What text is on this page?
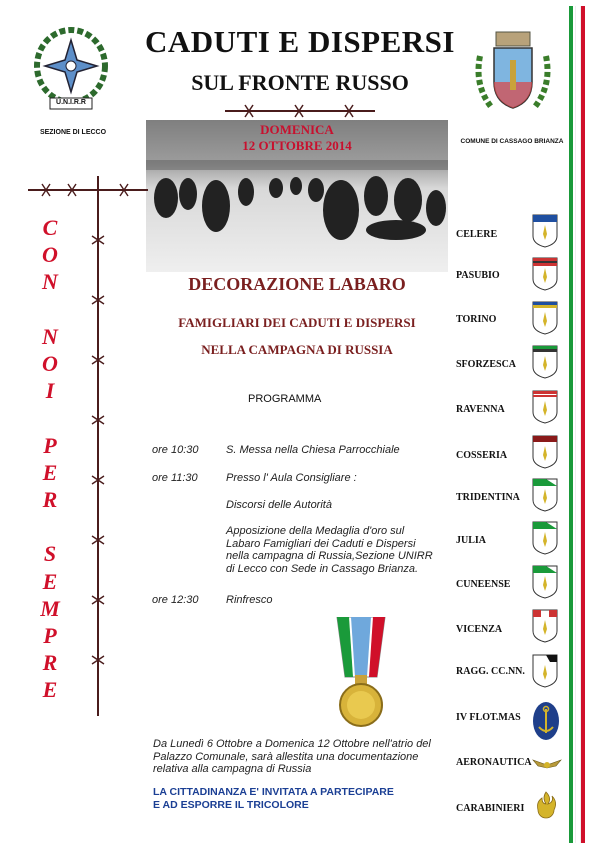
U.N.I.R.R
SEZIONE DI LECCO
CADUTI E DISPERSI
SUL FRONTE RUSSO
COMUNE DI CASSAGO BRIANZA
DOMENICA
12 OTTOBRE 2014
C
O
N

N
O
I

P
E
R

S
E
M
P
R
E
DECORAZIONE LABARO
FAMIGLIARI DEI CADUTI E DISPERSI
NELLA CAMPAGNA DI RUSSIA
PROGRAMMA
ore 10:30	S. Messa nella Chiesa Parrocchiale
ore 11:30	Presso l' Aula Consigliare :
Discorsi delle Autorità
Apposizione della Medaglia d'oro sul Labaro Famigliari dei Caduti e Dispersi nella campagna di Russia,Sezione UNIRR di Lecco con Sede in Cassago Brianza.
ore 12:30	Rinfresco
Da Lunedì 6 Ottobre a Domenica 12 Ottobre nell'atrio del Palazzo Comunale, sarà allestita una documentazione relativa alla campagna di Russia
LA CITTADINANZA E' INVITATA A PARTECIPARE
E AD ESPORRE IL TRICOLORE
CELERE
PASUBIO
TORINO
SFORZESCA
RAVENNA
COSSERIA
TRIDENTINA
JULIA
CUNEENSE
VICENZA
RAGG. CC.NN.
IV FLOT.MAS
AERONAUTICA
CARABINIERI
